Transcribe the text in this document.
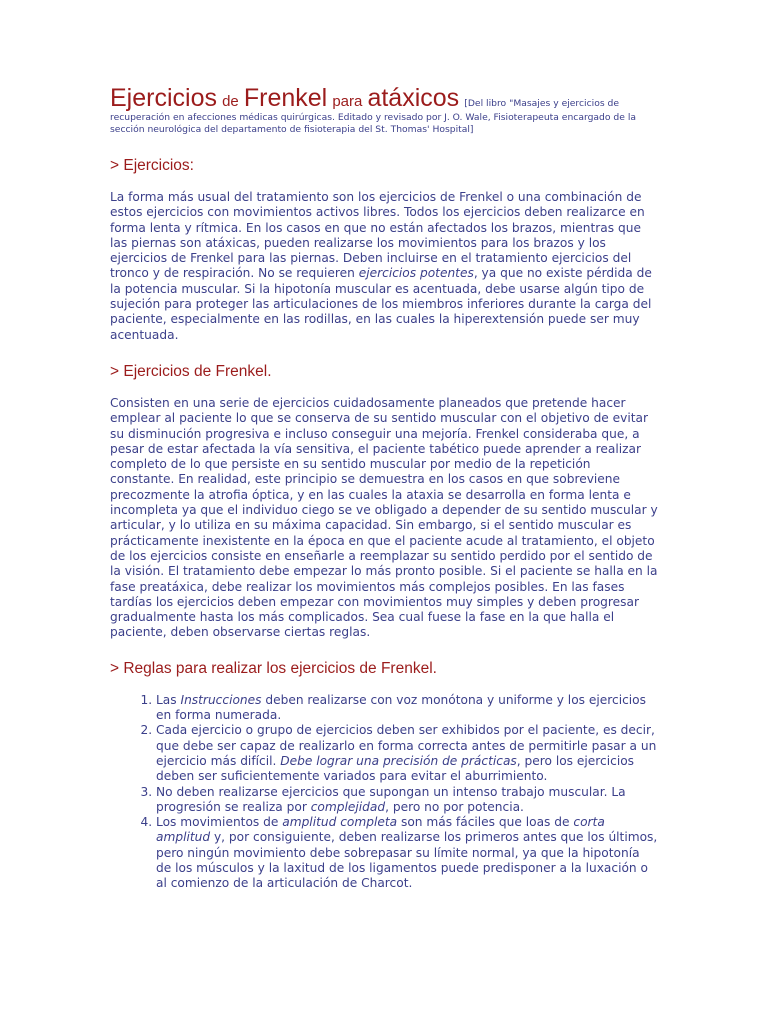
Ejercicios de Frenkel para atáxicos [Del libro "Masajes y ejercicios de
recuperación en afecciones médicas quirúrgicas. Editado y revisado por J. O. Wale, Fisioterapeuta encargado de la sección neurológica del departamento de fisioterapia del St. Thomas' Hospital]
> Ejercicios:

La forma más usual del tratamiento son los ejercicios de Frenkel o una combinación de estos ejercicios con movimientos activos libres. Todos los ejercicios deben realizarce en forma lenta y rítmica. En los casos en que no están afectados los brazos, mientras que las piernas son atáxicas, pueden realizarse los movimientos para los brazos y los ejercicios de Frenkel para las piernas. Deben incluirse en el tratamiento ejercicios del tronco y de respiración. No se requieren ejercicios potentes, ya que no existe pérdida de la potencia muscular. Si la hipotonía muscular es acentuada, debe usarse algún tipo de sujeción para proteger las articulaciones de los miembros inferiores durante la carga del paciente, especialmente en las rodillas, en las cuales la hiperextensión puede ser muy acentuada.

> Ejercicios de Frenkel.

Consisten en una serie de ejercicios cuidadosamente planeados que pretende hacer emplear al paciente lo que se conserva de su sentido muscular con el objetivo de evitar su disminución progresiva e incluso conseguir una mejoría. Frenkel consideraba que, a pesar de estar afectada la vía sensitiva, el paciente tabético puede aprender a realizar completo de lo que persiste en su sentido muscular por medio de la repetición constante. En realidad, este principio se demuestra en los casos en que sobreviene precozmente la atrofia óptica, y en las cuales la ataxia se desarrolla en forma lenta e incompleta ya que el individuo ciego se ve obligado a depender de su sentido muscular y articular, y lo utiliza en su máxima capacidad. Sin embargo, si el sentido muscular es prácticamente inexistente en la época en que el paciente acude al tratamiento, el objeto de los ejercicios consiste en enseñarle a reemplazar su sentido perdido por el sentido de la visión. El tratamiento debe empezar lo más pronto posible. Si el paciente se halla en la fase preatáxica, debe realizar los movimientos más complejos posibles. En las fases tardías los ejercicios deben empezar con movimientos muy simples y deben progresar gradualmente hasta los más complicados. Sea cual fuese la fase en la que halla el paciente, deben observarse ciertas reglas.

> Reglas para realizar los ejercicios de Frenkel.
1. Las Instrucciones deben realizarse con voz monótona y uniforme y los ejercicios en forma numerada.
2. Cada ejercicio o grupo de ejercicios deben ser exhibidos por el paciente, es decir, que debe ser capaz de realizarlo en forma correcta antes de permitirle pasar a un ejercicio más difícil. Debe lograr una precisión de prácticas, pero los ejercicios deben ser suficientemente variados para evitar el aburrimiento.
3. No deben realizarse ejercicios que supongan un intenso trabajo muscular. La progresión se realiza por complejidad, pero no por potencia.
4. Los movimientos de amplitud completa son más fáciles que loas de corta amplitud y, por consiguiente, deben realizarse los primeros antes que los últimos, pero ningún movimiento debe sobrepasar su límite normal, ya que la hipotonía de los músculos y la laxitud de los ligamentos puede predisponer a la luxación o al comienzo de la articulación de Charcot.
